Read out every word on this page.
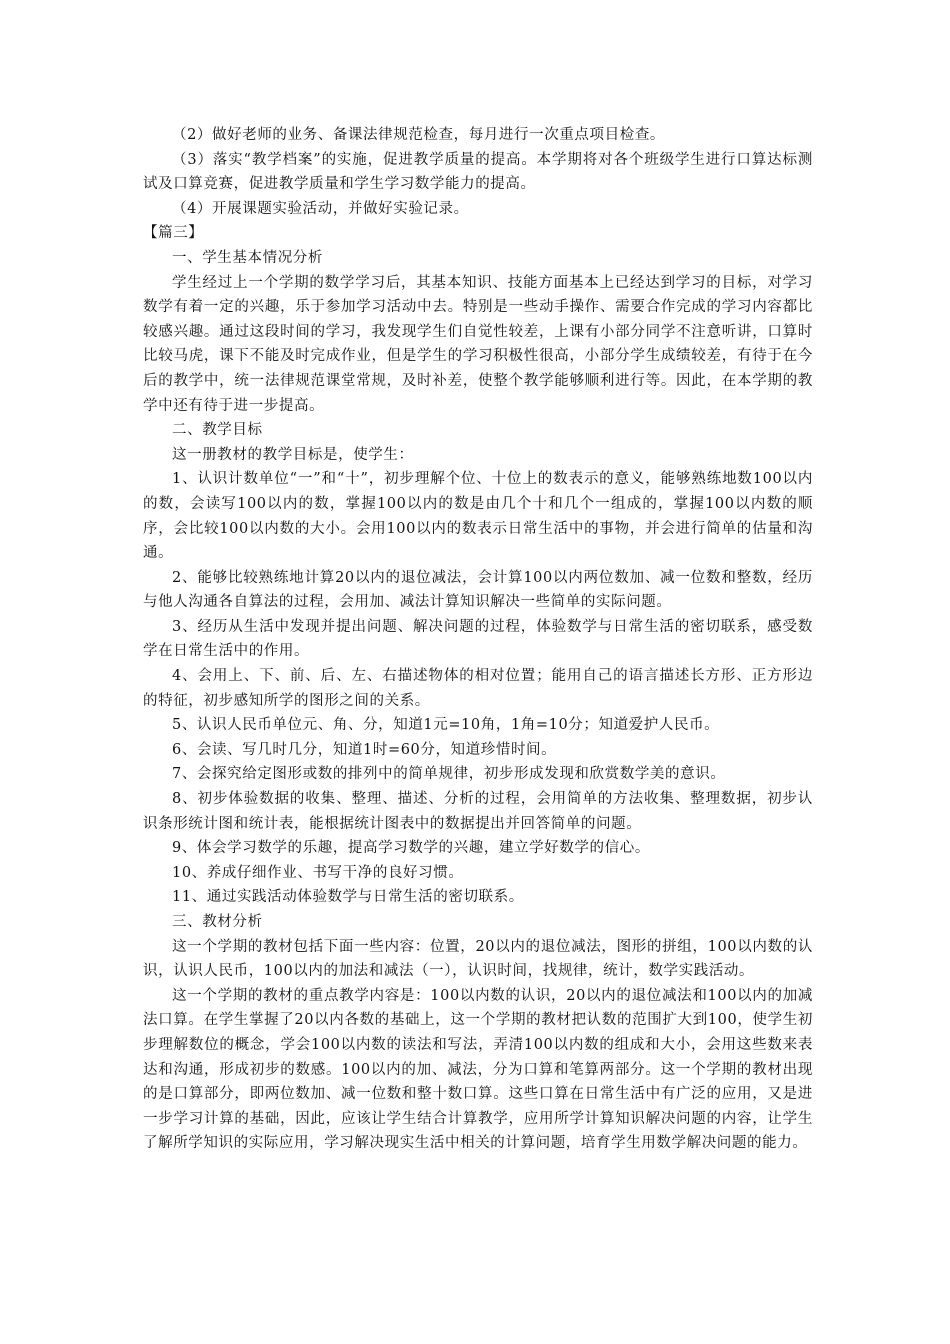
（2）做好老师的业务、备课法律规范检查，每月进行一次重点项目检查。

（3）落实“教学档案”的实施，促进教学质量的提高。本学期将对各个班级学生进行口算达标测试及口算竞赛，促进教学质量和学生学习数学能力的提高。

（4）开展课题实验活动，并做好实验记录。

【篇三】

一、学生基本情况分析

学生经过上一个学期的数学学习后，其基本知识、技能方面基本上已经达到学习的目标，对学习数学有着一定的兴趣，乐于参加学习活动中去。特别是一些动手操作、需要合作完成的学习内容都比较感兴趣。通过这段时间的学习，我发现学生们自觉性较差，上课有小部分同学不注意听讲，口算时比较马虎，课下不能及时完成作业，但是学生的学习积极性很高，小部分学生成绩较差，有待于在今后的教学中，统一法律规范课堂常规，及时补差，使整个教学能够顺利进行等。因此，在本学期的教学中还有待于进一步提高。

二、教学目标

这一册教材的教学目标是，使学生：

1、认识计数单位“一”和“十”，初步理解个位、十位上的数表示的意义，能够熟练地数100以内的数，会读写100以内的数，掌握100以内的数是由几个十和几个一组成的，掌握100以内数的顺序，会比较100以内数的大小。会用100以内的数表示日常生活中的事物，并会进行简单的估量和沟通。

2、能够比较熟练地计算20以内的退位减法，会计算100以内两位数加、减一位数和整数，经历与他人沟通各自算法的过程，会用加、减法计算知识解决一些简单的实际问题。

3、经历从生活中发现并提出问题、解决问题的过程，体验数学与日常生活的密切联系，感受数学在日常生活中的作用。

4、会用上、下、前、后、左、右描述物体的相对位置；能用自己的语言描述长方形、正方形边的特征，初步感知所学的图形之间的关系。

5、认识人民币单位元、角、分，知道1元=10角，1角=10分；知道爱护人民币。

6、会读、写几时几分，知道1时=60分，知道珍惜时间。

7、会探究给定图形或数的排列中的简单规律，初步形成发现和欣赏数学美的意识。

8、初步体验数据的收集、整理、描述、分析的过程，会用简单的方法收集、整理数据，初步认识条形统计图和统计表，能根据统计图表中的数据提出并回答简单的问题。

9、体会学习数学的乐趣，提高学习数学的兴趣，建立学好数学的信心。

10、养成仔细作业、书写干净的良好习惯。

11、通过实践活动体验数学与日常生活的密切联系。

三、教材分析

这一个学期的教材包括下面一些内容：位置，20以内的退位减法，图形的拼组，100以内数的认识，认识人民币，100以内的加法和减法（一），认识时间，找规律，统计，数学实践活动。

这一个学期的教材的重点教学内容是：100以内数的认识，20以内的退位减法和100以内的加减法口算。在学生掌握了20以内各数的基础上，这一个学期的教材把认数的范围扩大到100，使学生初步理解数位的概念，学会100以内数的读法和写法，弄清100以内数的组成和大小，会用这些数来表达和沟通，形成初步的数感。100以内的加、减法，分为口算和笔算两部分。这一个学期的教材出现的是口算部分，即两位数加、减一位数和整十数口算。这些口算在日常生活中有广泛的应用，又是进一步学习计算的基础，因此，应该让学生结合计算教学，应用所学计算知识解决问题的内容，让学生了解所学知识的实际应用，学习解决现实生活中相关的计算问题，培育学生用数学解决问题的能力。
